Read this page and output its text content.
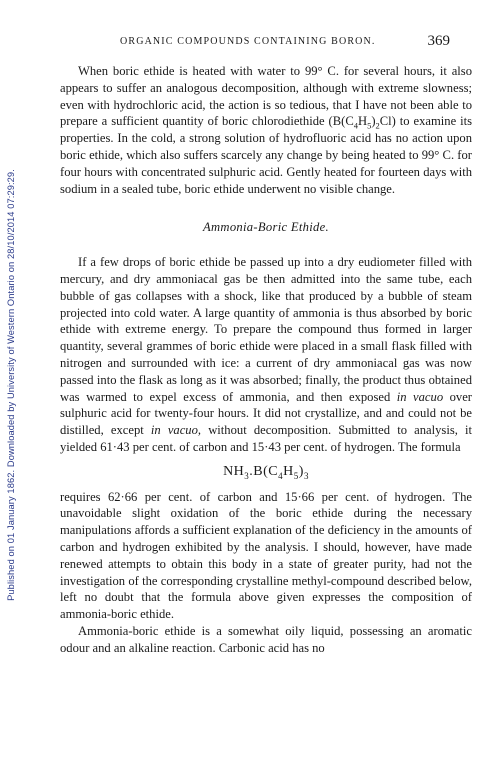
Published on 01 January 1862. Downloaded by University of Western Ontario on 28/10/2014 07:29:29.
ORGANIC COMPOUNDS CONTAINING BORON.	369

When boric ethide is heated with water to 99° C. for several hours, it also appears to suffer an analogous decomposition, although with extreme slowness; even with hydrochloric acid, the action is so tedious, that I have not been able to prepare a sufficient quantity of boric chlorodiethide $(B(C_4H_5)_2Cl)$ to examine its properties. In the cold, a strong solution of hydrofluoric acid has no action upon boric ethide, which also suffers scarcely any change by being heated to 99° C. for four hours with concentrated sulphuric acid. Gently heated for fourteen days with sodium in a sealed tube, boric ethide underwent no visible change.

Ammonia-Boric Ethide.

If a few drops of boric ethide be passed up into a dry eudiometer filled with mercury, and dry ammoniacal gas be then admitted into the same tube, each bubble of gas collapses with a shock, like that produced by a bubble of steam projected into cold water. A large quantity of ammonia is thus absorbed by boric ethide with extreme energy. To prepare the compound thus formed in larger quantity, several grammes of boric ethide were placed in a small flask filled with nitrogen and surrounded with ice: a current of dry ammoniacal gas was now passed into the flask as long as it was absorbed; finally, the product thus obtained was warmed to expel excess of ammonia, and then exposed in vacuo over sulphuric acid for twenty-four hours. It did not crystallize, and and could not be distilled, except in vacuo, without decomposition. Submitted to analysis, it yielded 61·43 per cent. of carbon and 15·43 per cent. of hydrogen. The formula

$NH_3.B(C_4H_5)_3$

requires 62·66 per cent. of carbon and 15·66 per cent. of hydrogen. The unavoidable slight oxidation of the boric ethide during the necessary manipulations affords a sufficient explanation of the deficiency in the amounts of carbon and hydrogen exhibited by the analysis. I should, however, have made renewed attempts to obtain this body in a state of greater purity, had not the investigation of the corresponding crystalline methyl-compound described below, left no doubt that the formula above given expresses the composition of ammonia-boric ethide.

Ammonia-boric ethide is a somewhat oily liquid, possessing an aromatic odour and an alkaline reaction. Carbonic acid has no
